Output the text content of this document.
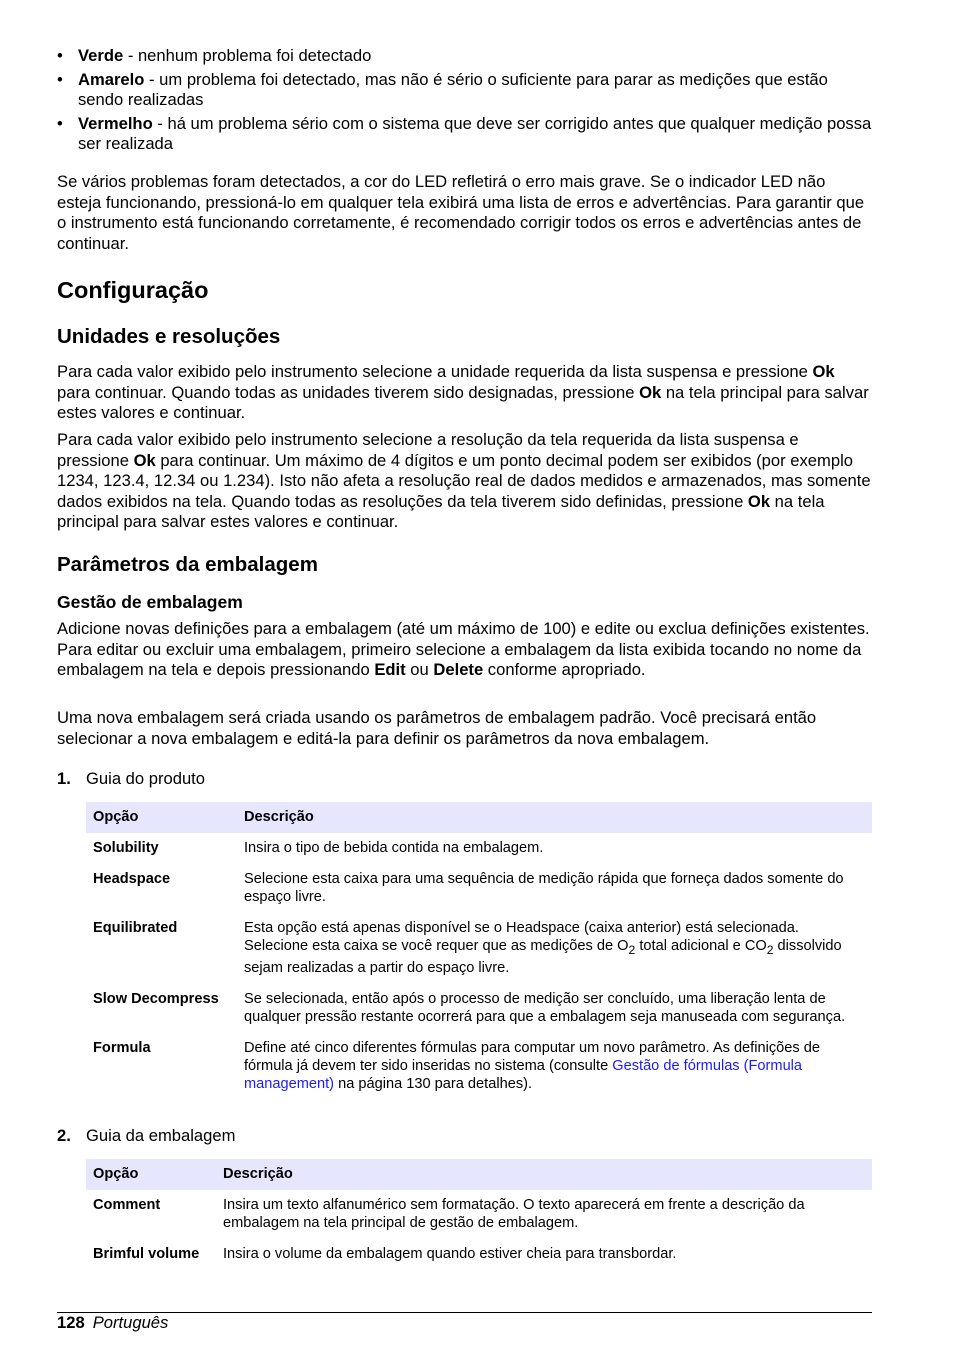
• Verde - nenhum problema foi detectado
• Amarelo - um problema foi detectado, mas não é sério o suficiente para parar as medições que estão sendo realizadas
• Vermelho - há um problema sério com o sistema que deve ser corrigido antes que qualquer medição possa ser realizada

Se vários problemas foram detectados, a cor do LED refletirá o erro mais grave. Se o indicador LED não esteja funcionando, pressioná-lo em qualquer tela exibirá uma lista de erros e advertências. Para garantir que o instrumento está funcionando corretamente, é recomendado corrigir todos os erros e advertências antes de continuar.

Configuração
Unidades e resoluções

Para cada valor exibido pelo instrumento selecione a unidade requerida da lista suspensa e pressione Ok para continuar. Quando todas as unidades tiverem sido designadas, pressione Ok na tela principal para salvar estes valores e continuar.

Para cada valor exibido pelo instrumento selecione a resolução da tela requerida da lista suspensa e pressione Ok para continuar. Um máximo de 4 dígitos e um ponto decimal podem ser exibidos (por exemplo 1234, 123.4, 12.34 ou 1.234). Isto não afeta a resolução real de dados medidos e armazenados, mas somente dados exibidos na tela. Quando todas as resoluções da tela tiverem sido definidas, pressione Ok na tela principal para salvar estes valores e continuar.

Parâmetros da embalagem
Gestão de embalagem

Adicione novas definições para a embalagem (até um máximo de 100) e edite ou exclua definições existentes. Para editar ou excluir uma embalagem, primeiro selecione a embalagem da lista exibida tocando no nome da embalagem na tela e depois pressionando Edit ou Delete conforme apropriado.

Uma nova embalagem será criada usando os parâmetros de embalagem padrão. Você precisará então selecionar a nova embalagem e editá-la para definir os parâmetros da nova embalagem.

1. Guia do produto
Opção	Descrição
Solubility	Insira o tipo de bebida contida na embalagem.
Headspace	Selecione esta caixa para uma sequência de medição rápida que forneça dados somente do espaço livre.
Equilibrated	Esta opção está apenas disponível se o Headspace (caixa anterior) está selecionada. Selecione esta caixa se você requer que as medições de $O_2$ total adicional e $CO_2$ dissolvido sejam realizadas a partir do espaço livre.
Slow Decompress	Se selecionada, então após o processo de medição ser concluído, uma liberação lenta de qualquer pressão restante ocorrerá para que a embalagem seja manuseada com segurança.
Formula	Define até cinco diferentes fórmulas para computar um novo parâmetro. As definições de fórmula já devem ter sido inseridas no sistema (consulte Gestão de fórmulas (Formula management) na página 130 para detalhes).
2. Guia da embalagem
Opção	Descrição
Comment	Insira um texto alfanumérico sem formatação. O texto aparecerá em frente a descrição da embalagem na tela principal de gestão de embalagem.
Brimful volume	Insira o volume da embalagem quando estiver cheia para transbordar.
128 Português
